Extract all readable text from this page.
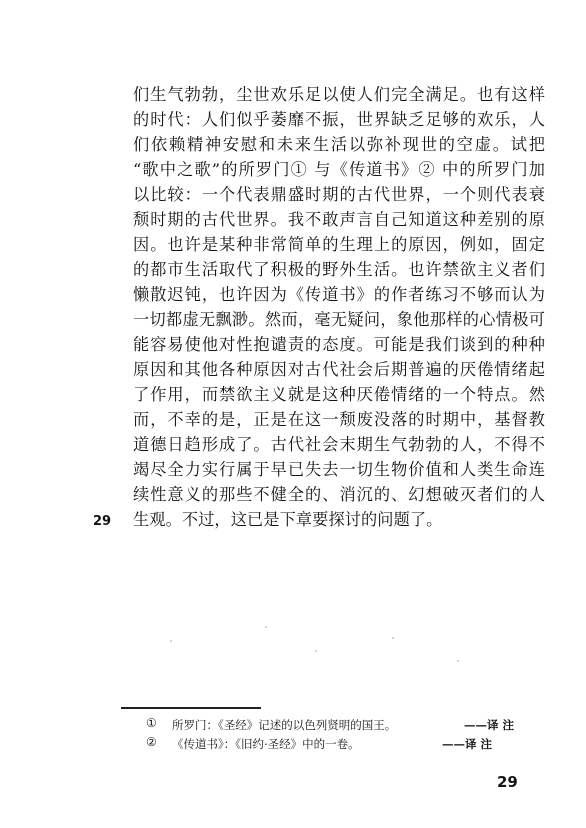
们生气勃勃，尘世欢乐足以使人们完全满足。也有这样
的时代：人们似乎萎靡不振，世界缺乏足够的欢乐，人
们依赖精神安慰和未来生活以弥补现世的空虚。试把
“歌中之歌”的所罗门① 与《传道书》② 中的所罗门加
以比较：一个代表鼎盛时期的古代世界，一个则代表衰
颓时期的古代世界。我不敢声言自己知道这种差别的原
因。也许是某种非常简单的生理上的原因，例如，固定
的都市生活取代了积极的野外生活。也许禁欲主义者们
懒散迟钝，也许因为《传道书》的作者练习不够而认为
一切都虚无飘渺。然而，毫无疑问，象他那样的心情极可
能容易使他对性抱谴责的态度。可能是我们谈到的种种
原因和其他各种原因对古代社会后期普遍的厌倦情绪起
了作用，而禁欲主义就是这种厌倦情绪的一个特点。然
而，不幸的是，正是在这一颓废没落的时期中，基督教
道德日趋形成了。古代社会末期生气勃勃的人，不得不
竭尽全力实行属于早已失去一切生物价值和人类生命连
续性意义的那些不健全的、消沉的、幻想破灭者们的人
生观。不过，这已是下章要探讨的问题了。
29
① 所罗门：《圣经》记述的以色列贤明的国王。	——译 注
② 《传道书》：《旧约·圣经》中的一卷。	——译 注
29
